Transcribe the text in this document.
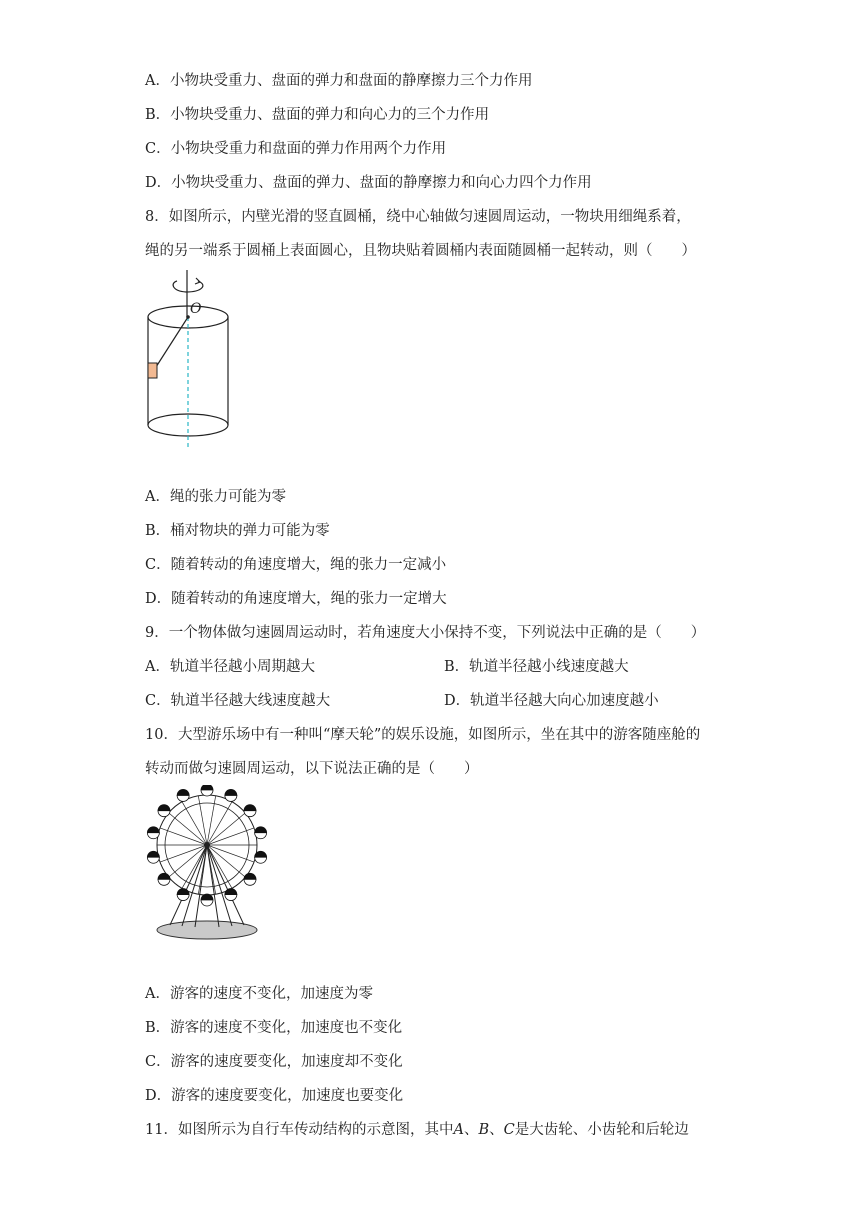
A．小物块受重力、盘面的弹力和盘面的静摩擦力三个力作用
B．小物块受重力、盘面的弹力和向心力的三个力作用
C．小物块受重力和盘面的弹力作用两个力作用
D．小物块受重力、盘面的弹力、盘面的静摩擦力和向心力四个力作用
8．如图所示，内壁光滑的竖直圆桶，绕中心轴做匀速圆周运动，一物块用细绳系着，
绳的另一端系于圆桶上表面圆心，且物块贴着圆桶内表面随圆桶一起转动，则（　　）
O
A．绳的张力可能为零
B．桶对物块的弹力可能为零
C．随着转动的角速度增大，绳的张力一定减小
D．随着转动的角速度增大，绳的张力一定增大
9．一个物体做匀速圆周运动时，若角速度大小保持不变，下列说法中正确的是（　　）
A．轨道半径越小周期越大	B．轨道半径越小线速度越大
C．轨道半径越大线速度越大	D．轨道半径越大向心加速度越小
10．大型游乐场中有一种叫“摩天轮”的娱乐设施，如图所示，坐在其中的游客随座舱的
转动而做匀速圆周运动，以下说法正确的是（　　）
A．游客的速度不变化，加速度为零
B．游客的速度不变化，加速度也不变化
C．游客的速度要变化，加速度却不变化
D．游客的速度要变化，加速度也要变化
11．如图所示为自行车传动结构的示意图，其中A、B、C是大齿轮、小齿轮和后轮边
